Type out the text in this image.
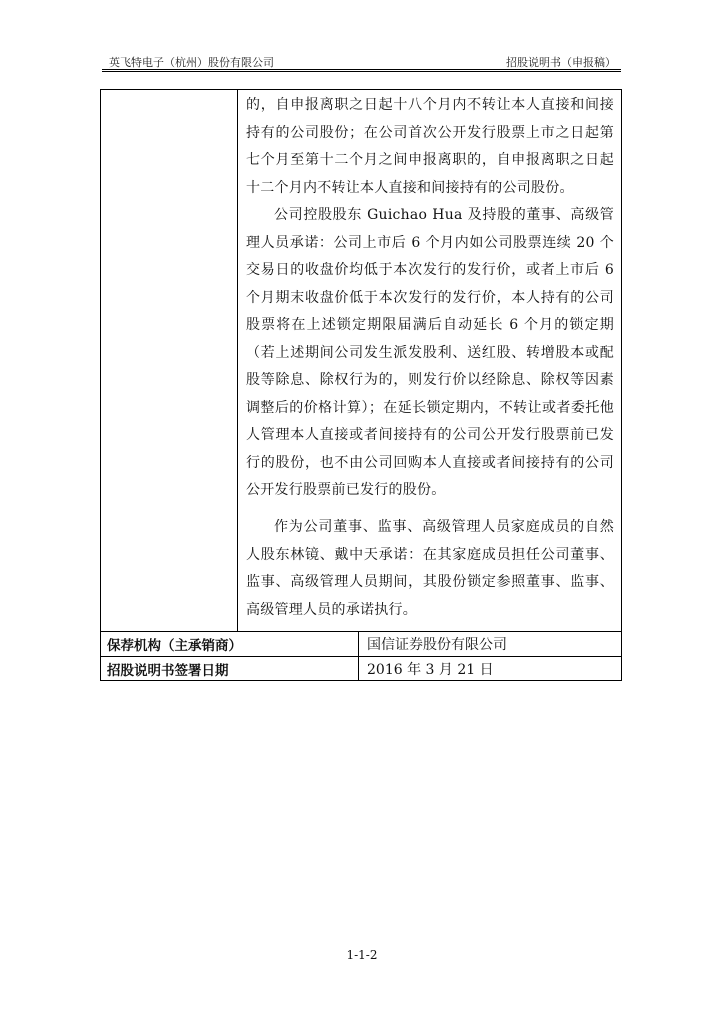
英飞特电子（杭州）股份有限公司	招股说明书（申报稿）

的，自申报离职之日起十八个月内不转让本人直接和间接持有的公司股份；在公司首次公开发行股票上市之日起第七个月至第十二个月之间申报离职的，自申报离职之日起十二个月内不转让本人直接和间接持有的公司股份。

公司控股股东 Guichao Hua 及持股的董事、高级管理人员承诺：公司上市后 6 个月内如公司股票连续 20 个交易日的收盘价均低于本次发行的发行价，或者上市后 6 个月期末收盘价低于本次发行的发行价，本人持有的公司股票将在上述锁定期限届满后自动延长 6 个月的锁定期（若上述期间公司发生派发股利、送红股、转增股本或配股等除息、除权行为的，则发行价以经除息、除权等因素调整后的价格计算）；在延长锁定期内，不转让或者委托他人管理本人直接或者间接持有的公司公开发行股票前已发行的股份，也不由公司回购本人直接或者间接持有的公司公开发行股票前已发行的股份。

作为公司董事、监事、高级管理人员家庭成员的自然人股东林镜、戴中天承诺：在其家庭成员担任公司董事、监事、高级管理人员期间，其股份锁定参照董事、监事、高级管理人员的承诺执行。

保荐机构（主承销商）	国信证券股份有限公司
招股说明书签署日期	2016 年 3 月 21 日
1-1-2
